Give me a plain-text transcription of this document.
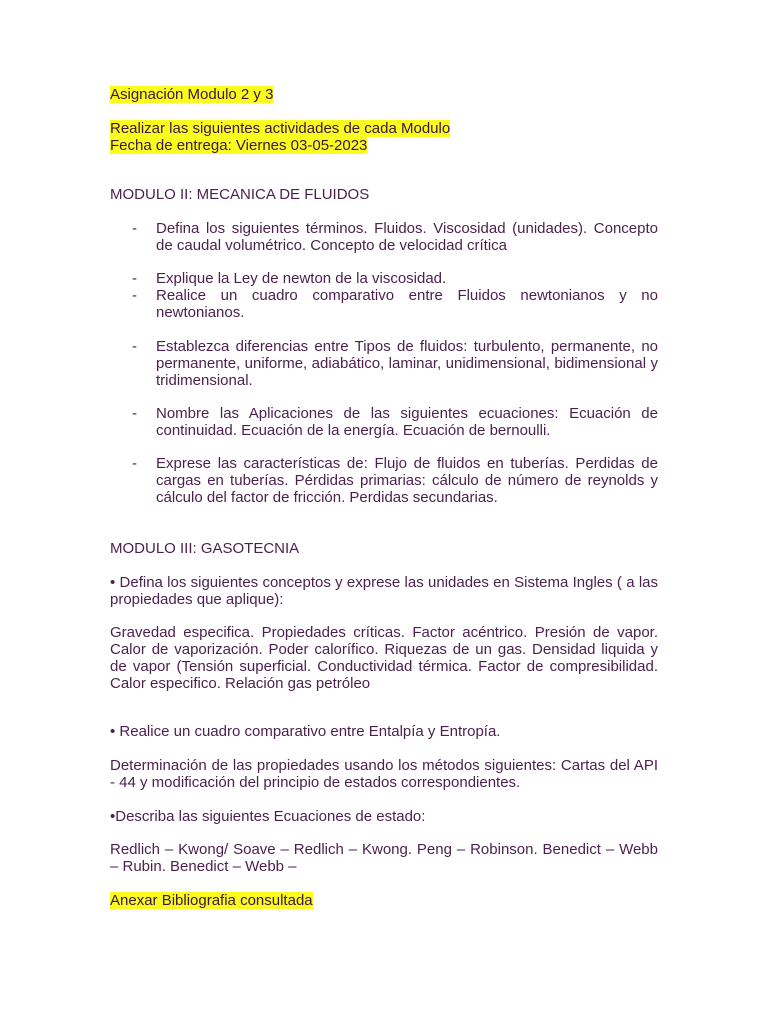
Asignación Modulo 2 y 3
Realizar las siguientes actividades de cada Modulo
Fecha de entrega: Viernes 03-05-2023
MODULO II: MECANICA DE FLUIDOS
- Defina los siguientes términos. Fluidos. Viscosidad (unidades). Concepto de caudal volumétrico. Concepto de velocidad crítica
- Explique la Ley de newton de la viscosidad.
- Realice un cuadro comparativo entre Fluidos newtonianos y no newtonianos.
- Establezca diferencias entre Tipos de fluidos: turbulento, permanente, no permanente, uniforme, adiabático, laminar, unidimensional, bidimensional y tridimensional.
- Nombre las Aplicaciones de las siguientes ecuaciones: Ecuación de continuidad. Ecuación de la energía. Ecuación de bernoulli.
- Exprese las características de: Flujo de fluidos en tuberías. Perdidas de cargas en tuberías. Pérdidas primarias: cálculo de número de reynolds y cálculo del factor de fricción. Perdidas secundarias.
MODULO III: GASOTECNIA

• Defina los siguientes conceptos y exprese las unidades en Sistema Ingles ( a las propiedades que aplique):

Gravedad especifica. Propiedades críticas. Factor acéntrico. Presión de vapor. Calor de vaporización. Poder calorífico. Riquezas de un gas. Densidad liquida y de vapor (Tensión superficial. Conductividad térmica. Factor de compresibilidad. Calor especifico. Relación gas petróleo

• Realice un cuadro comparativo entre Entalpía y Entropía.

Determinación de las propiedades usando los métodos siguientes: Cartas del API - 44 y modificación del principio de estados correspondientes.

•Describa las siguientes Ecuaciones de estado:

Redlich – Kwong/ Soave – Redlich – Kwong. Peng – Robinson. Benedict – Webb – Rubin. Benedict – Webb –

Anexar Bibliografia consultada
